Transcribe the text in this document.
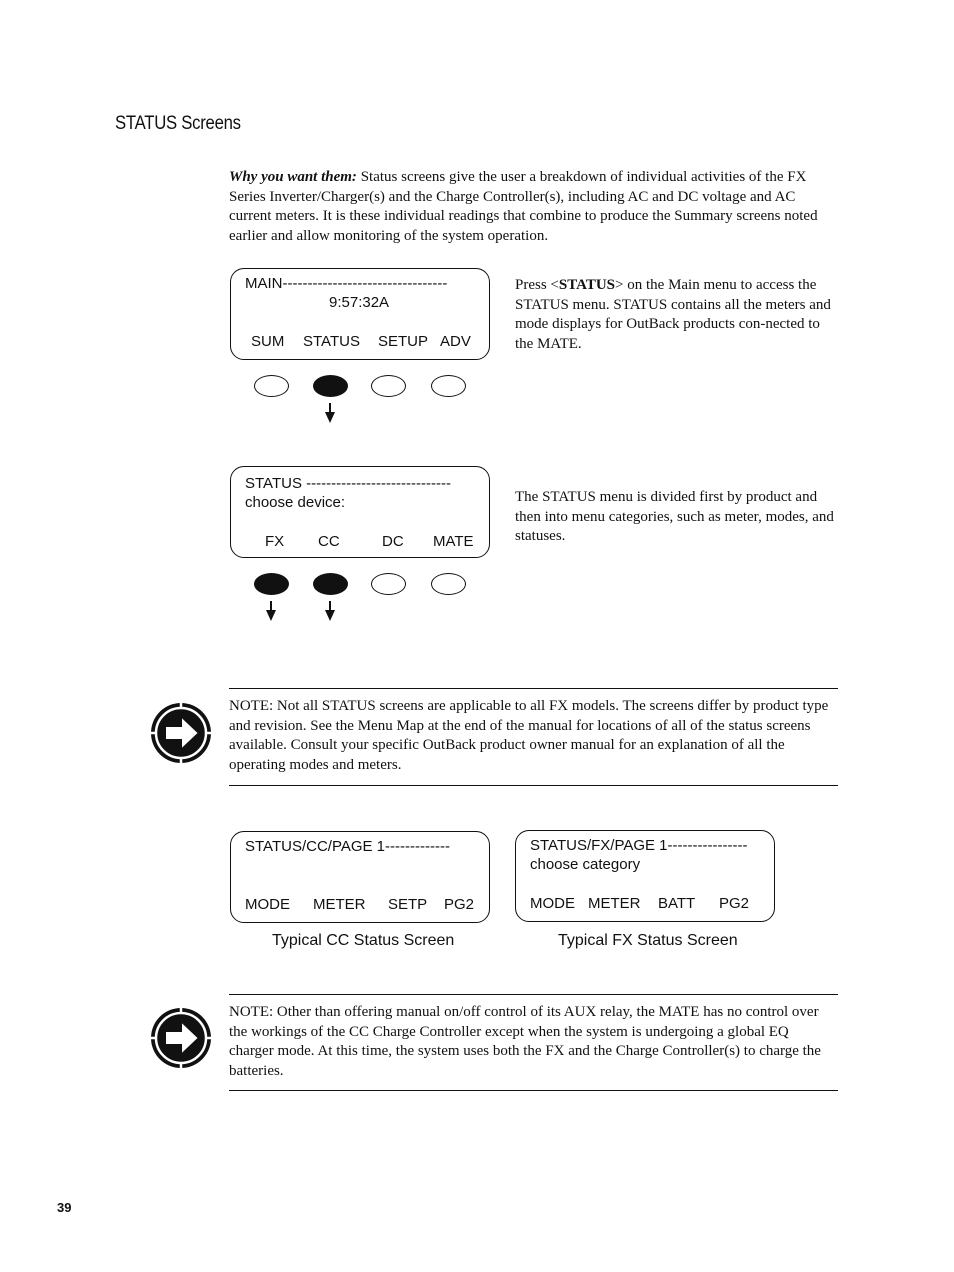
STATUS Screens
Why you want them: Status screens give the user a breakdown of individual activities of the FX Series Inverter/Charger(s) and the Charge Controller(s), including AC and DC voltage and AC current meters. It is these individual readings that combine to produce the Summary screens noted earlier and allow monitoring of the system operation.
MAIN---------------------------------
9:57:32A
SUM STATUS SETUP ADV
Press <STATUS> on the Main menu to access the STATUS menu. STATUS contains all the meters and mode displays for OutBack products con-nected to the MATE.
STATUS -----------------------------
choose device:
FX CC	DC MATE
The STATUS menu is divided first by product and then into menu categories, such as meter, modes, and statuses.
NOTE: Not all STATUS screens are applicable to all FX models. The screens differ by product type and revision. See the Menu Map at the end of the manual for locations of all of the status screens available. Consult your specific OutBack product owner manual for an explanation of all the operating modes and meters.
STATUS/CC/PAGE 1-------------
MODE METER SETP PG2
Typical CC Status Screen
STATUS/FX/PAGE 1----------------
choose category
MODE METER BATT PG2
Typical FX Status Screen
NOTE: Other than offering manual on/off control of its AUX relay, the MATE has no control over the workings of the CC Charge Controller except when the system is undergoing a global EQ charger mode. At this time, the system uses both the FX and the Charge Controller(s) to charge the batteries.
39
